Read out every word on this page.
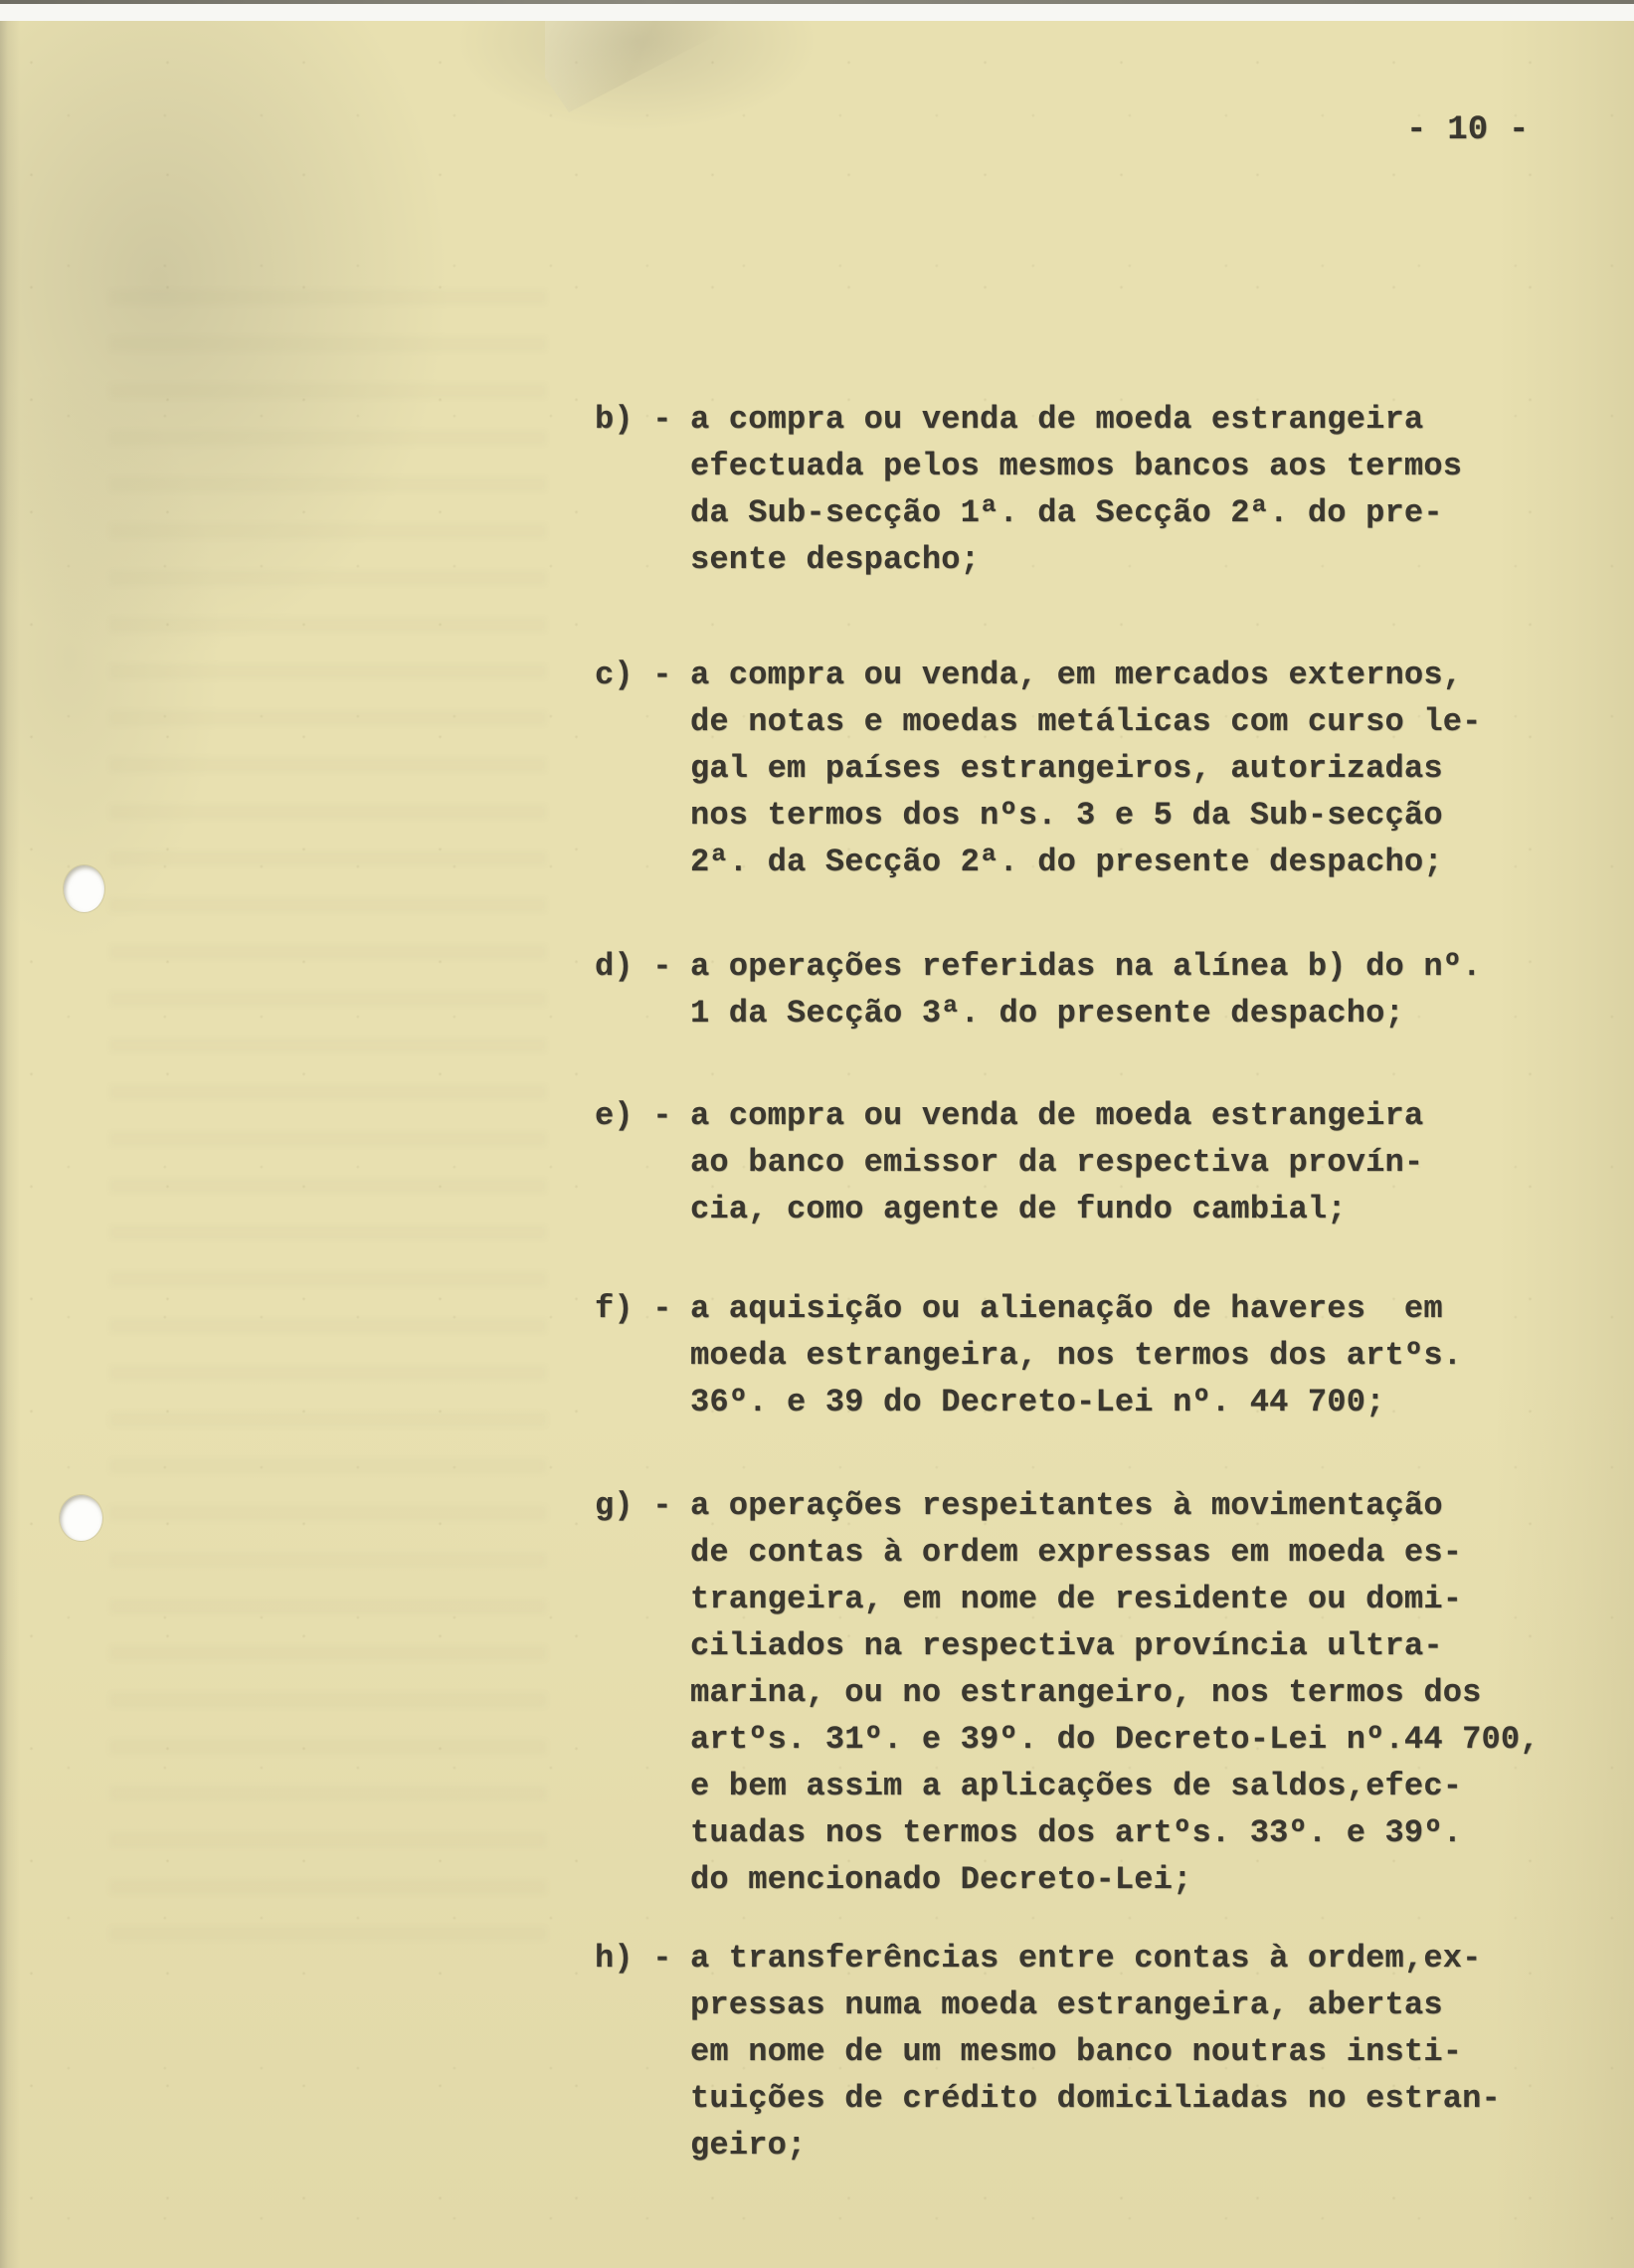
- 10 -
b) - a compra ou venda de moeda estrangeira
efectuada pelos mesmos bancos aos termos
da Sub-secção 1ª. da Secção 2ª. do pre-
sente despacho;
c) - a compra ou venda, em mercados externos,
de notas e moedas metálicas com curso le-
gal em países estrangeiros, autorizadas
nos termos dos nºs. 3 e 5 da Sub-secção
2ª. da Secção 2ª. do presente despacho;
d) - a operações referidas na alínea b) do nº.
1 da Secção 3ª. do presente despacho;
e) - a compra ou venda de moeda estrangeira
ao banco emissor da respectiva provín-
cia, como agente de fundo cambial;
f) - a aquisição ou alienação de haveres  em
moeda estrangeira, nos termos dos artºs.
36º. e 39 do Decreto-Lei nº. 44 700;
g) - a operações respeitantes à movimentação
de contas à ordem expressas em moeda es-
trangeira, em nome de residente ou domi-
ciliados na respectiva província ultra-
marina, ou no estrangeiro, nos termos dos
artºs. 31º. e 39º. do Decreto-Lei nº.44 700,
e bem assim a aplicações de saldos,efec-
tuadas nos termos dos artºs. 33º. e 39º.
do mencionado Decreto-Lei;
h) - a transferências entre contas à ordem,ex-
pressas numa moeda estrangeira, abertas
em nome de um mesmo banco noutras insti-
tuições de crédito domiciliadas no estran-
geiro;
